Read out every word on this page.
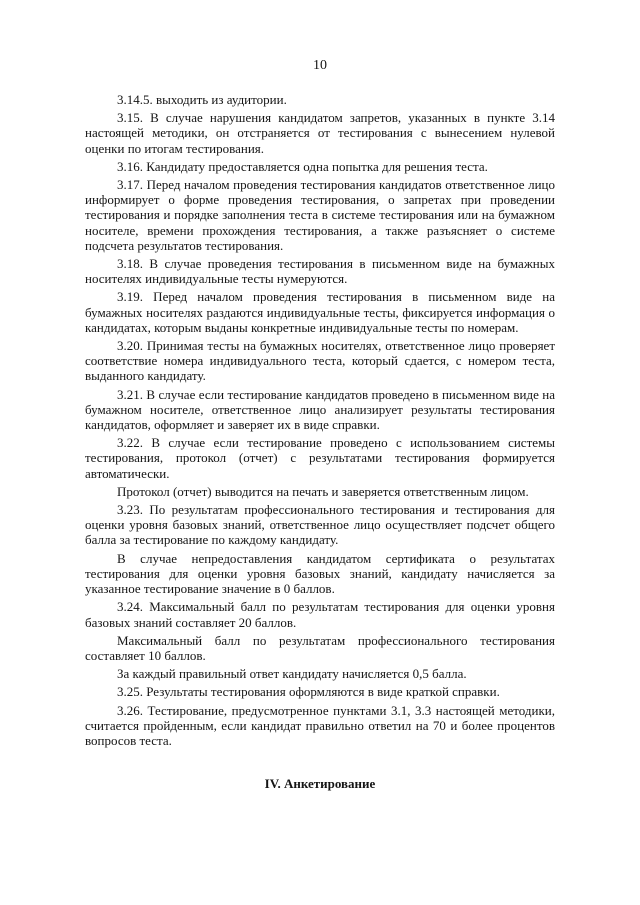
10

3.14.5. выходить из аудитории.

3.15. В случае нарушения кандидатом запретов, указанных в пункте 3.14 настоящей методики, он отстраняется от тестирования с вынесением нулевой оценки по итогам тестирования.

3.16. Кандидату предоставляется одна попытка для решения теста.

3.17. Перед началом проведения тестирования кандидатов ответственное лицо информирует о форме проведения тестирования, о запретах при проведении тестирования и порядке заполнения теста в системе тестирования или на бумажном носителе, времени прохождения тестирования, а также разъясняет о системе подсчета результатов тестирования.

3.18. В случае проведения тестирования в письменном виде на бумажных носителях индивидуальные тесты нумеруются.

3.19. Перед началом проведения тестирования в письменном виде на бумажных носителях раздаются индивидуальные тесты, фиксируется информация о кандидатах, которым выданы конкретные индивидуальные тесты по номерам.

3.20. Принимая тесты на бумажных носителях, ответственное лицо проверяет соответствие номера индивидуального теста, который сдается, с номером теста, выданного кандидату.

3.21. В случае если тестирование кандидатов проведено в письменном виде на бумажном носителе, ответственное лицо анализирует результаты тестирования кандидатов, оформляет и заверяет их в виде справки.

3.22. В случае если тестирование проведено с использованием системы тестирования, протокол (отчет) с результатами тестирования формируется автоматически.

Протокол (отчет) выводится на печать и заверяется ответственным лицом.

3.23. По результатам профессионального тестирования и тестирования для оценки уровня базовых знаний, ответственное лицо осуществляет подсчет общего балла за тестирование по каждому кандидату.

В случае непредоставления кандидатом сертификата о результатах тестирования для оценки уровня базовых знаний, кандидату начисляется за указанное тестирование значение в 0 баллов.

3.24. Максимальный балл по результатам тестирования для оценки уровня базовых знаний составляет 20 баллов.

Максимальный балл по результатам профессионального тестирования составляет 10 баллов.

За каждый правильный ответ кандидату начисляется 0,5 балла.

3.25. Результаты тестирования оформляются в виде краткой справки.

3.26. Тестирование, предусмотренное пунктами 3.1, 3.3 настоящей методики, считается пройденным, если кандидат правильно ответил на 70 и более процентов вопросов теста.

IV. Анкетирование
